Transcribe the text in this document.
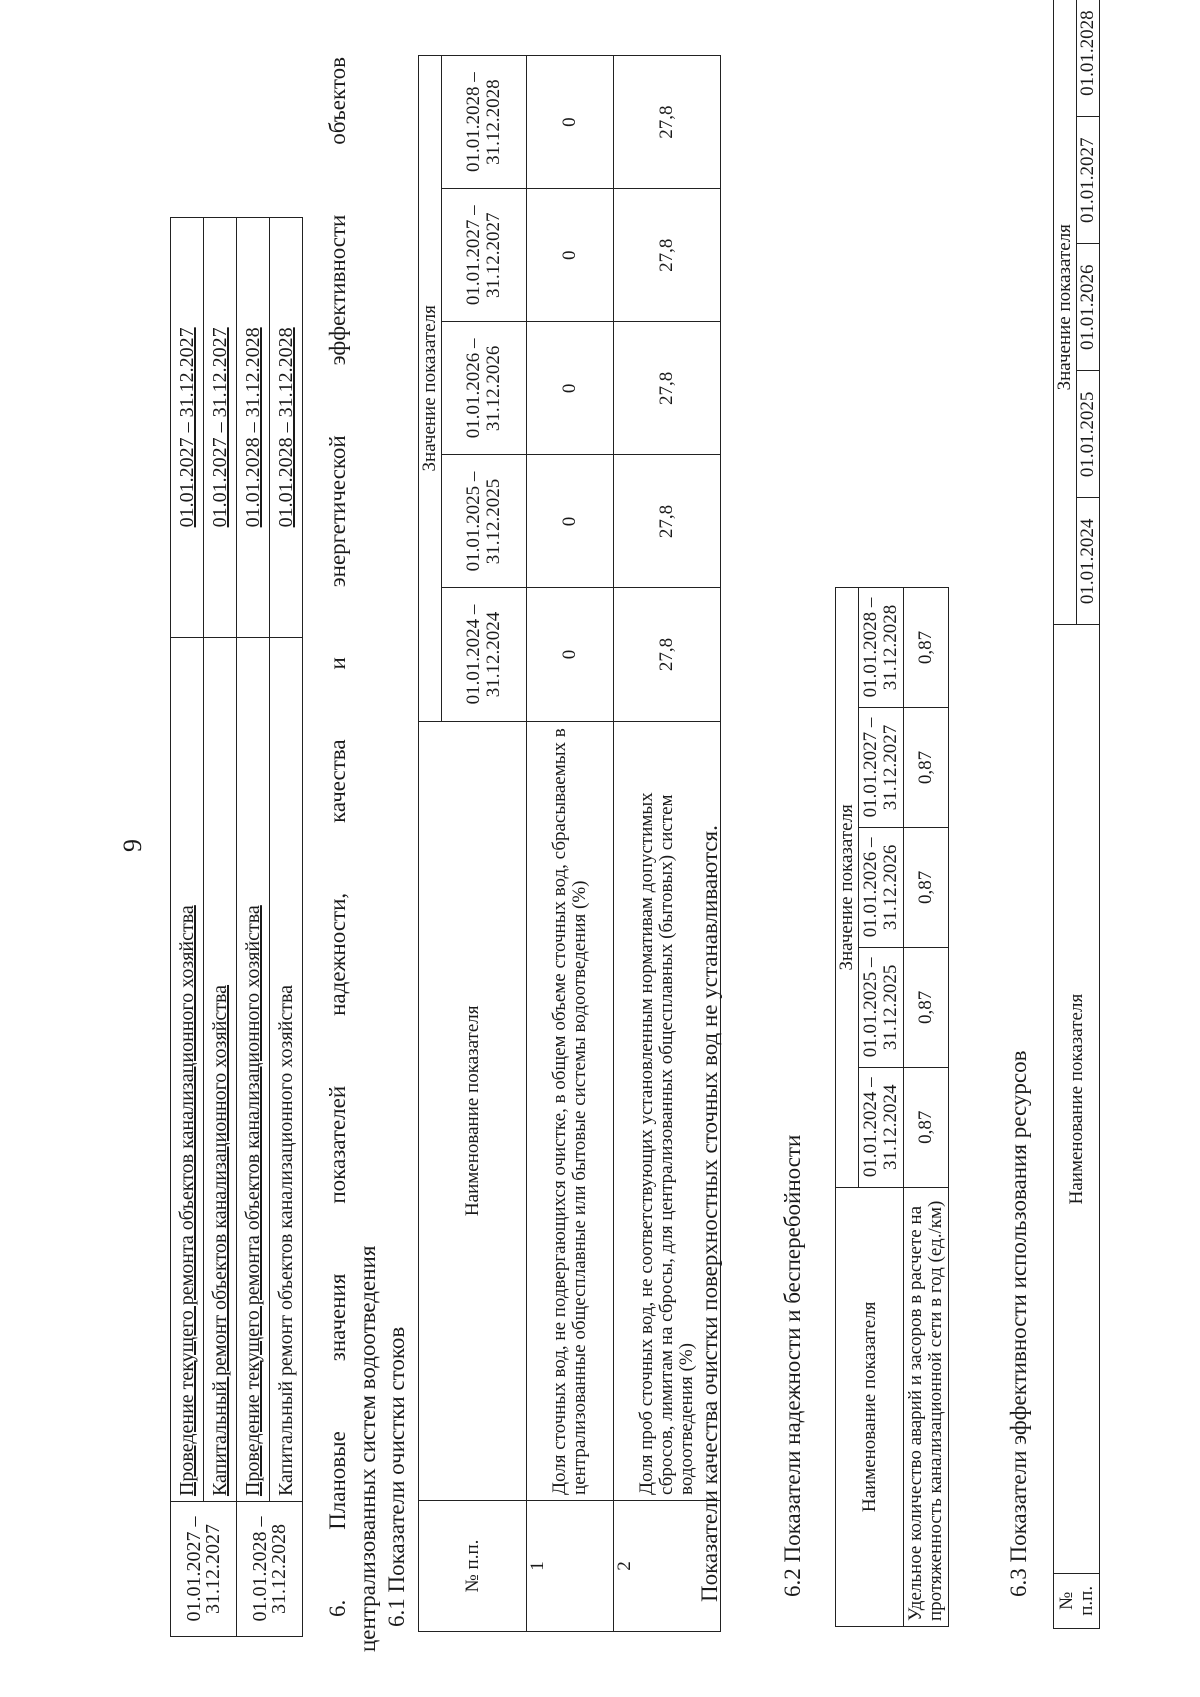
9
01.01.2027 – 31.12.2027	Проведение текущего ремонта объектов канализационного хозяйства	01.01.2027 – 31.12.2027
	Капитальный ремонт объектов канализационного хозяйства	01.01.2027 – 31.12.2027
01.01.2028 – 31.12.2028	Проведение текущего ремонта объектов канализационного хозяйства	01.01.2028 – 31.12.2028
	Капитальный ремонт объектов канализационного хозяйства	01.01.2028 – 31.12.2028 6. Плановые значения показателей надежности, качества и энергетической эффективности объектов централизованных систем водоотведения 6.1 Показатели очистки стоков	№ п.п.	Наименование показателя	Значение показателя				
		01.01.2024 – 31.12.2024	01.01.2025 – 31.12.2025	01.01.2026 – 31.12.2026	01.01.2027 – 31.12.2027	01.01.2028 – 31.12.2028
1	Доля сточных вод, не подвергающихся очистке, в общем объеме сточных вод, сбрасываемых в централизованные общесплавные или бытовые системы водоотведения (%)	0	0	0	0	0
2	Доля проб сточных вод, не соответствующих установленным нормативам допустимых сбросов, лимитам на сбросы, для централизованных общесплавных (бытовых) систем водоотведения (%)	27,8	27,8	27,8	27,8	27,8
Показатели качества очистки поверхностных сточных вод не устанавливаются.	6.2 Показатели надежности и бесперебойности	Наименование показателя	Значение показателя				
	01.01.2024 – 31.12.2024	01.01.2025 – 31.12.2025	01.01.2026 – 31.12.2026	01.01.2027 – 31.12.2027	01.01.2028 – 31.12.2028
Удельное количество аварий и засоров в расчете на протяженность канализационной сети в год (ед./км)	0,87	0,87	0,87	0,87	0,87
6.3 Показатели эффективности использования ресурсов
№ п.п.	Наименование показателя	Значение показателя				
		01.01.2024	01.01.2025	01.01.2026	01.01.2027	01.01.2028
